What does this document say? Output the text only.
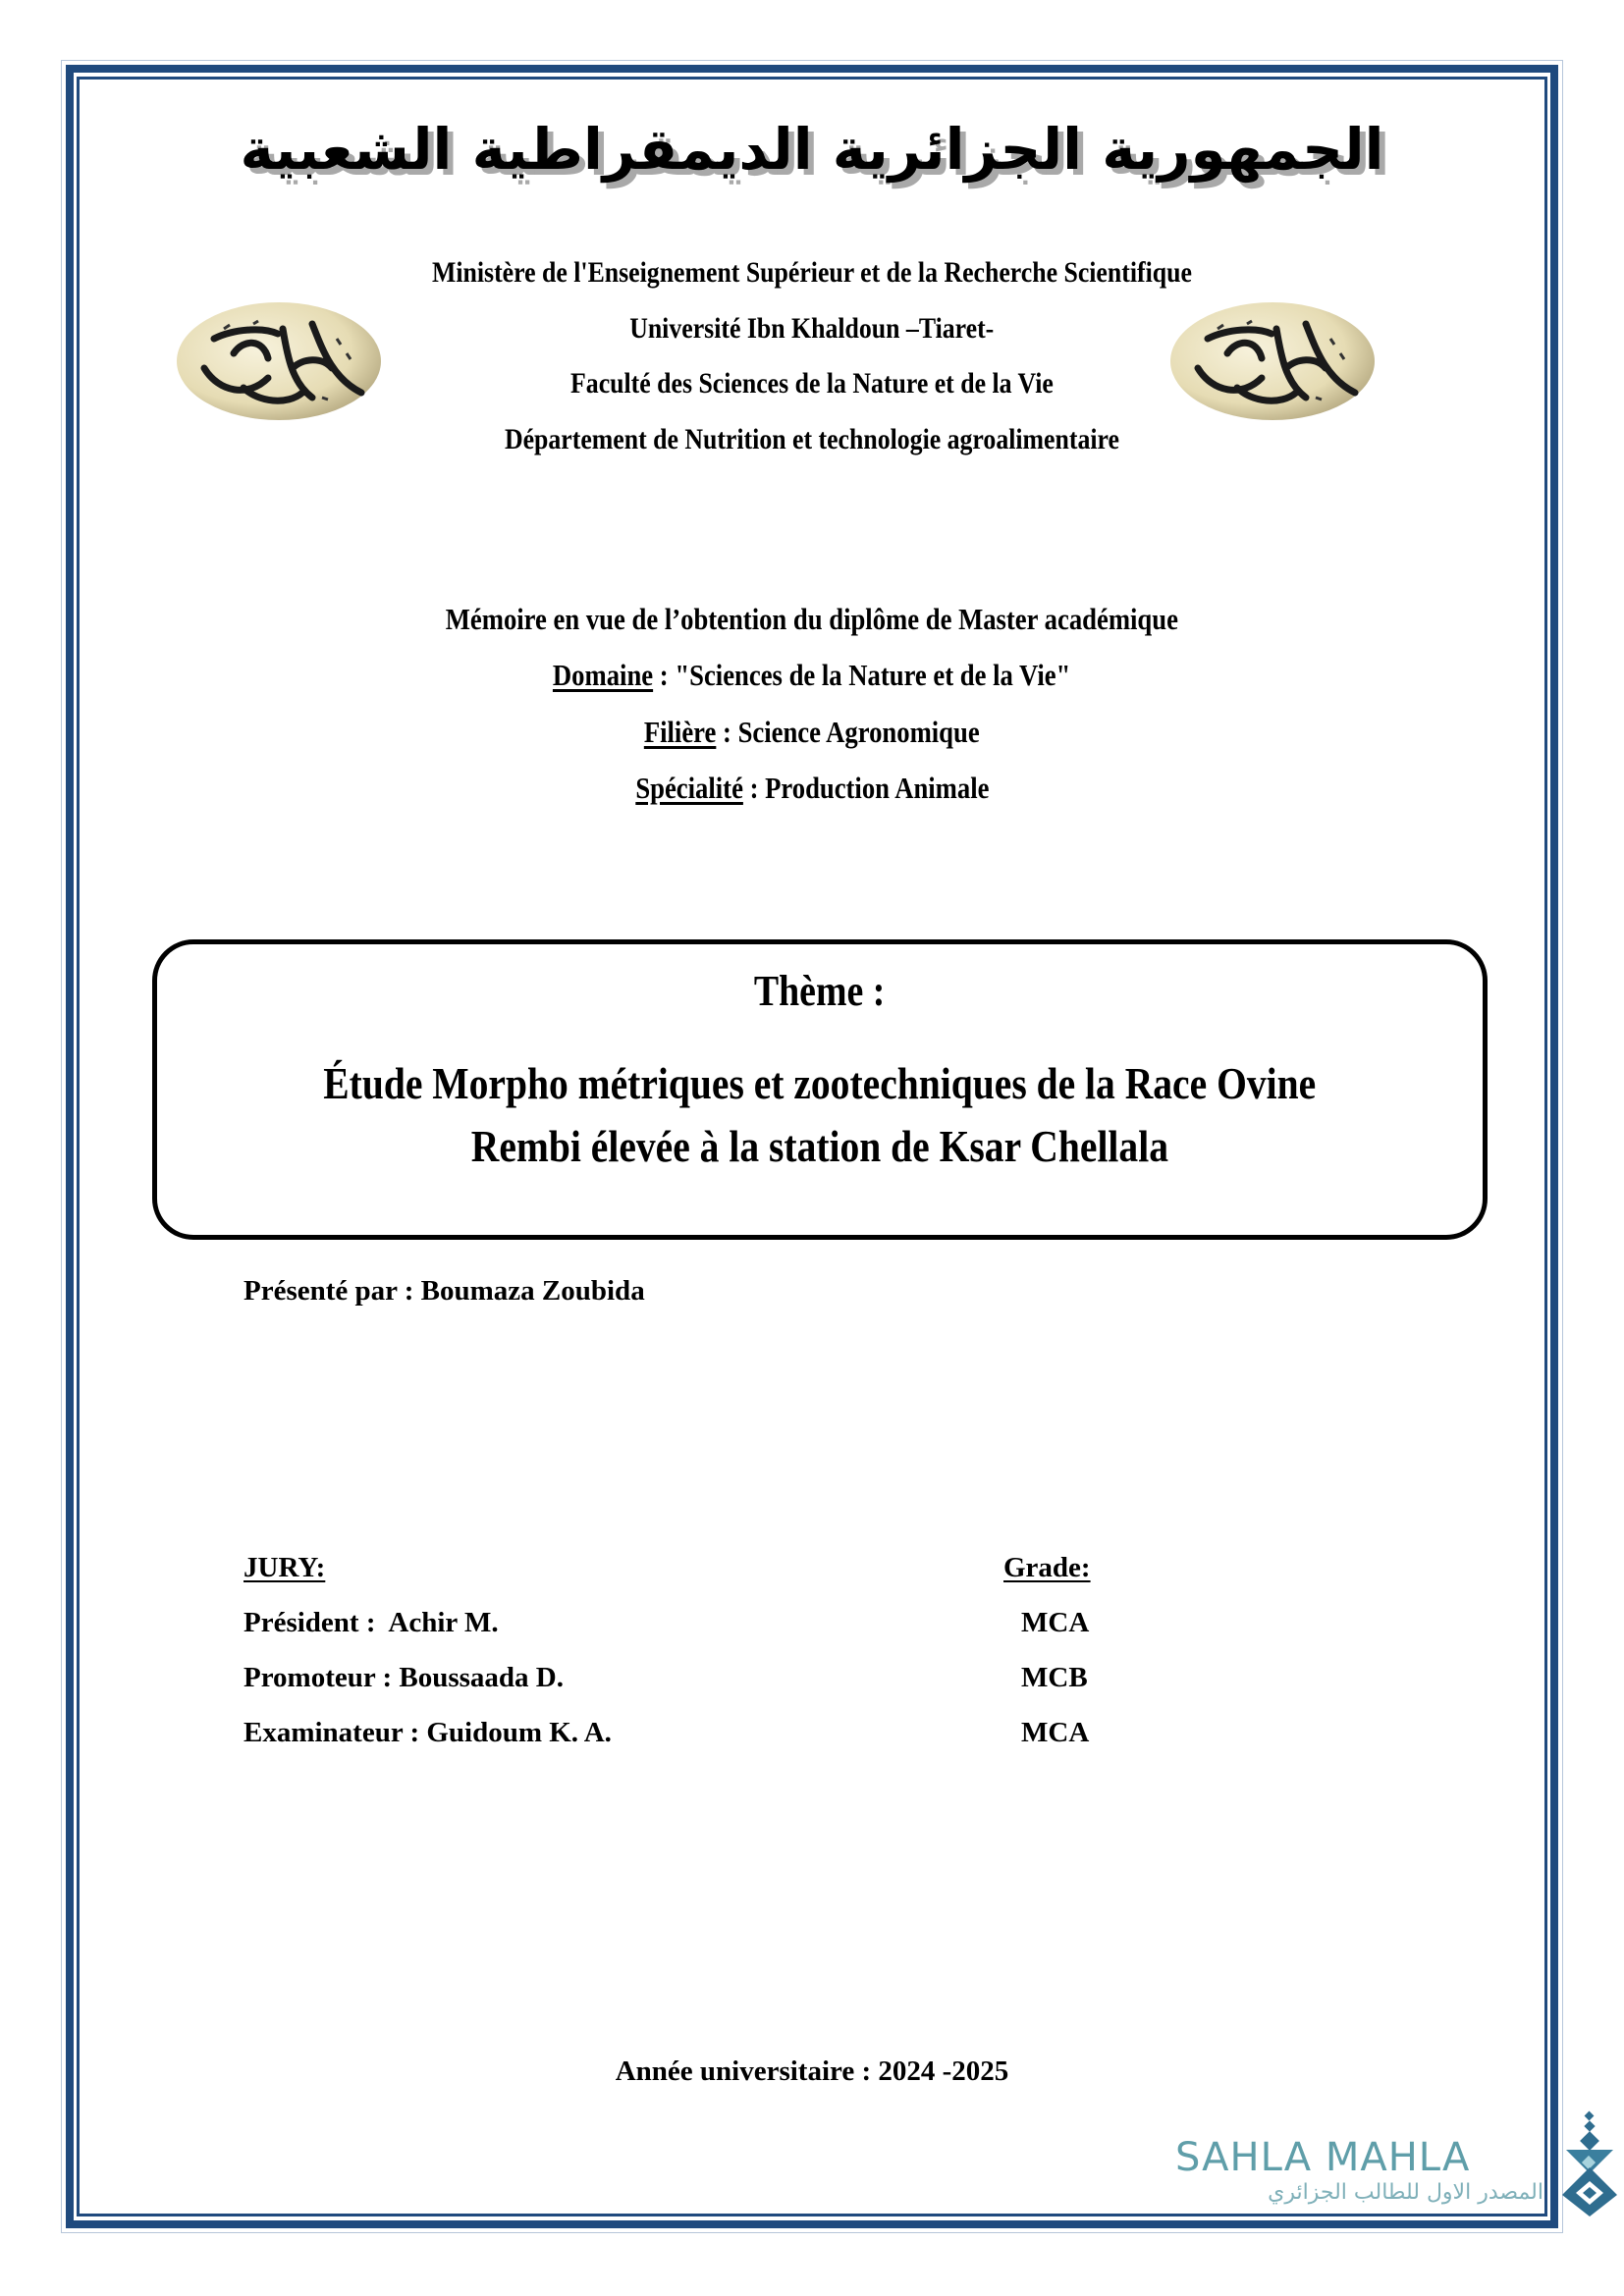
الجمهورية الجزائرية الديمقراطية الشعبية
Ministère de l'Enseignement Supérieur et de la Recherche Scientifique
Université Ibn Khaldoun –Tiaret-
Faculté des Sciences de la Nature et de la Vie
Département de Nutrition et technologie agroalimentaire
Mémoire en vue de l’obtention du diplôme de Master académique
Domaine : "Sciences de la Nature et de la Vie"
Filière : Science Agronomique
Spécialité : Production Animale
Thème :
Étude Morpho métriques et zootechniques de la Race Ovine
Rembi élevée à la station de Ksar Chellala
Présenté par : Boumaza Zoubida
JURY:	Grade:
Président :  Achir M.	MCA
Promoteur : Boussaada D.	MCB
Examinateur : Guidoum K. A.	MCA
Année universitaire : 2024 -2025
SAHLA MAHLA
المصدر الاول للطالب الجزائري
